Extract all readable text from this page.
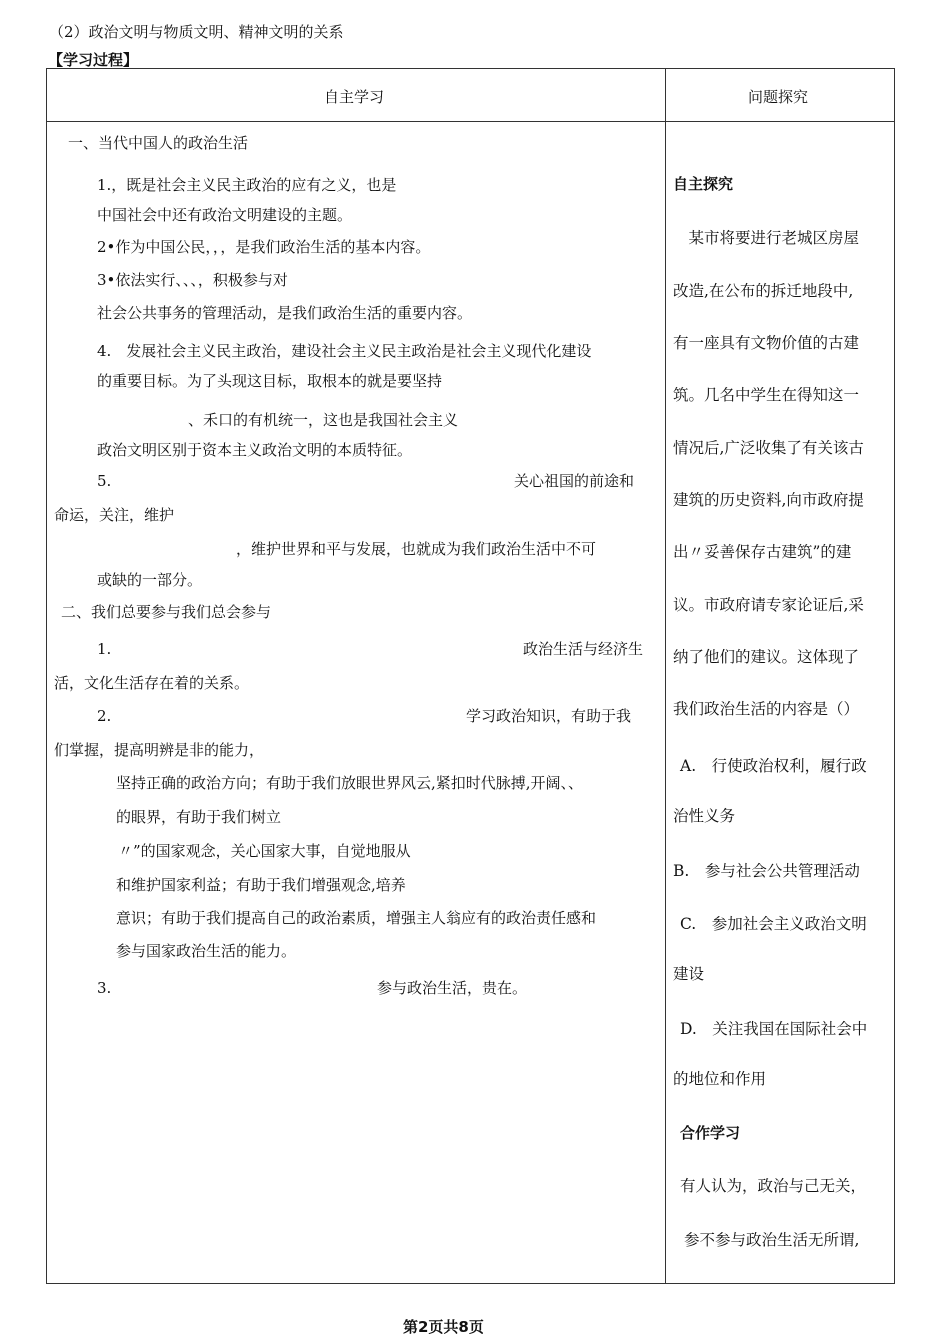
（2）政治文明与物质文明、精神文明的关系
【学习过程】
自主学习	问题探究
一、当代中国人的政治生活
1.，既是社会主义民主政治的应有之义，也是
中国社会中还有政治文明建设的主题。
2•作为中国公民，，，是我们政治生活的基本内容。
3•依法实行、、、，积极参与对
社会公共事务的管理活动，是我们政治生活的重要内容。
4.　发展社会主义民主政治，建设社会主义民主政治是社会主义现代化建设
的重要目标。为了头现这目标，取根本的就是要坚持
、禾口的有机统一，这也是我国社会主义
政治文明区别于资本主义政治文明的本质特征。
5.	关心祖国的前途和
命运，关注，维护
，维护世界和平与发展，也就成为我们政治生活中不可
或缺的一部分。
二、我们总要参与我们总会参与
1.	政治生活与经济生
活，文化生活存在着的关系。
2.	学习政治知识，有助于我
们掌握，提高明辨是非的能力，
坚持正确的政治方向；有助于我们放眼世界风云,紧扣时代脉搏,开阔、、
的眼界，有助于我们树立
〃”的国家观念，关心国家大事，自觉地服从
和维护国家利益；有助于我们增强观念,培养
意识；有助于我们提高自己的政治素质，增强主人翁应有的政治责任感和
参与国家政治生活的能力。
3.	参与政治生活，贵在。
自主探究
　某市将要进行老城区房屋
改造,在公布的拆迁地段中,
有一座具有文物价值的古建
筑。几名中学生在得知这一
情况后,广泛收集了有关该古
建筑的历史资料,向市政府提
出〃妥善保存古建筑”的建
议。市政府请专家论证后,采
纳了他们的建议。这体现了
我们政治生活的内容是（）
A.　行使政治权利，履行政
治性义务
B.　参与社会公共管理活动
C.　参加社会主义政治文明
建设
D.　关注我国在国际社会中
的地位和作用
合作学习
有人认为，政治与己无关，
参不参与政治生活无所谓,
第2页共8页
